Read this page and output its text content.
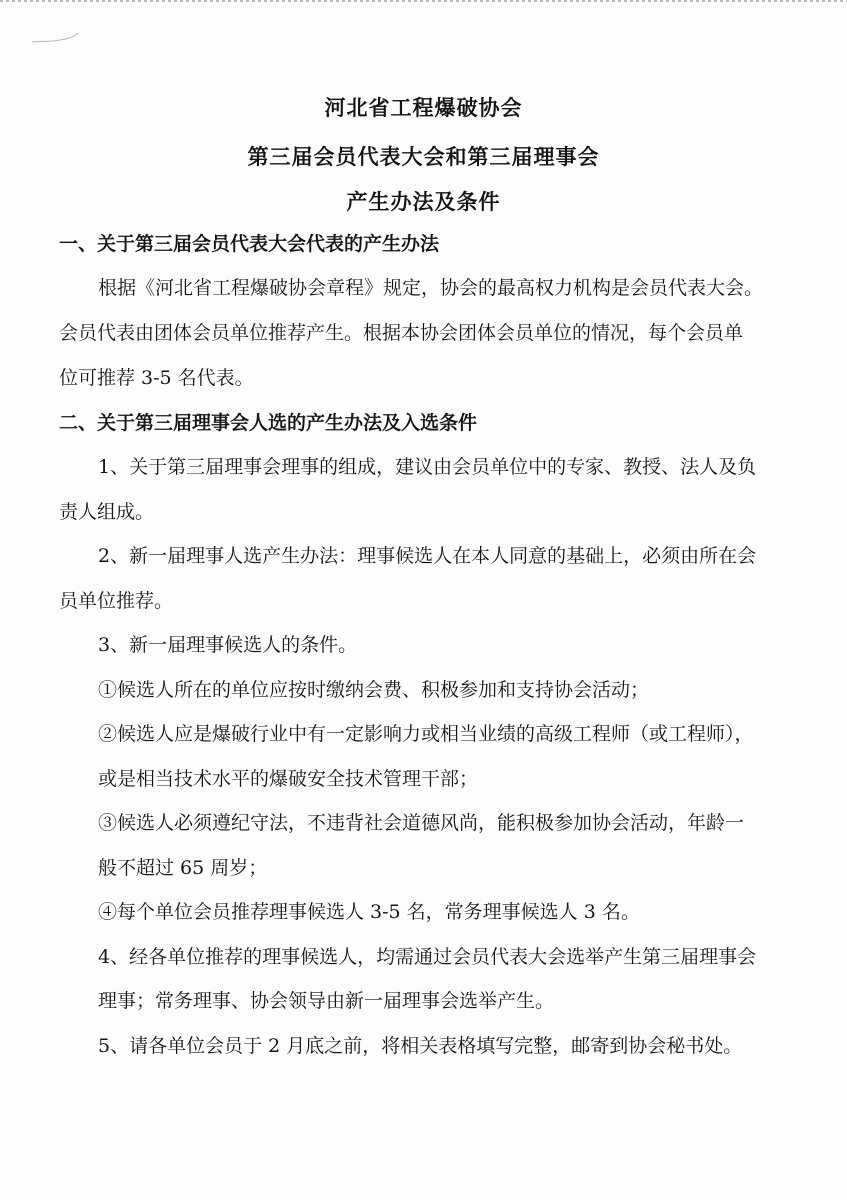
河北省工程爆破协会
第三届会员代表大会和第三届理事会
产生办法及条件
一、关于第三届会员代表大会代表的产生办法
根据《河北省工程爆破协会章程》规定，协会的最高权力机构是会员代表大会。
会员代表由团体会员单位推荐产生。根据本协会团体会员单位的情况，每个会员单
位可推荐 3-5 名代表。
二、关于第三届理事会人选的产生办法及入选条件
1、关于第三届理事会理事的组成，建议由会员单位中的专家、教授、法人及负
责人组成。
2、新一届理事人选产生办法：理事候选人在本人同意的基础上，必须由所在会
员单位推荐。
3、新一届理事候选人的条件。
①候选人所在的单位应按时缴纳会费、积极参加和支持协会活动；
②候选人应是爆破行业中有一定影响力或相当业绩的高级工程师（或工程师），
或是相当技术水平的爆破安全技术管理干部；
③候选人必须遵纪守法，不违背社会道德风尚，能积极参加协会活动，年龄一
般不超过 65 周岁；
④每个单位会员推荐理事候选人 3-5 名，常务理事候选人 3 名。
4、经各单位推荐的理事候选人，均需通过会员代表大会选举产生第三届理事会
理事；常务理事、协会领导由新一届理事会选举产生。
5、请各单位会员于 2 月底之前，将相关表格填写完整，邮寄到协会秘书处。
